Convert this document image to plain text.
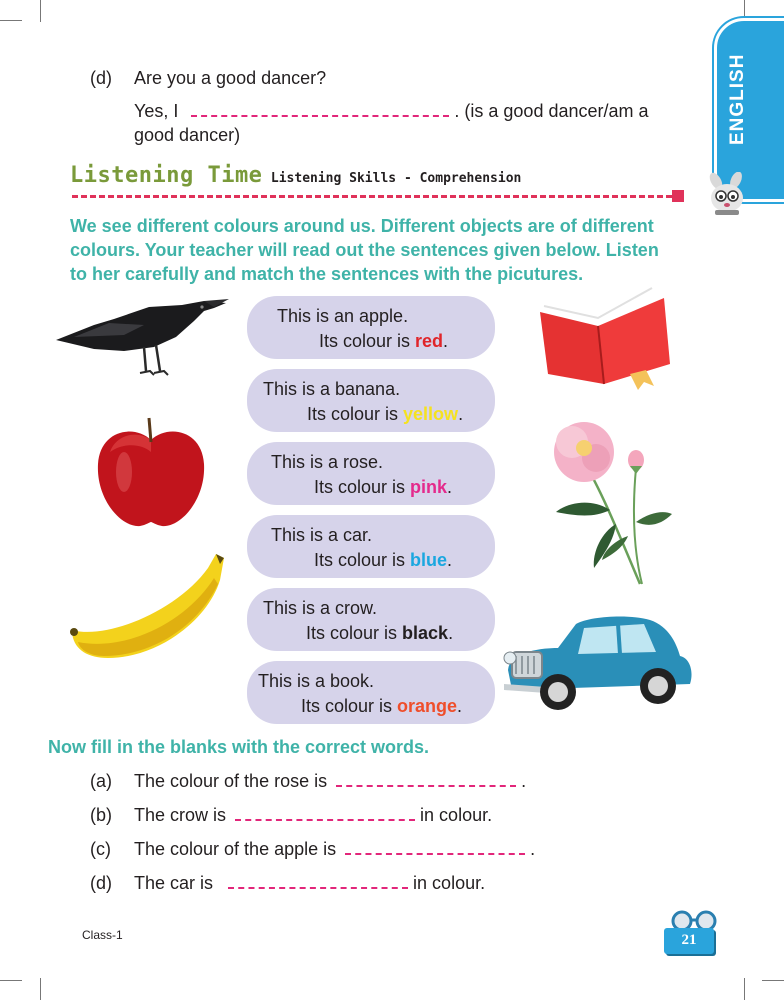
ENGLISH
(d) Are you a good dancer?
Yes, I	. (is a good dancer/am a
good dancer)
Listening Time Listening Skills - Comprehension
We see different colours around us. Different objects are of different
colours. Your teacher will read out the sentences given below. Listen
to her carefully and match the sentences with the picutures.
This is an apple.
Its colour is red.
This is a banana.
Its colour is yellow.
This is a rose.
Its colour is pink.
This is a car.
Its colour is blue.
This is a crow.
Its colour is black.
This is a book.
Its colour is orange.
Now fill in the blanks with the correct words.
(a) The colour of the rose is	.
(b) The crow is	in colour.
(c) The colour of the apple is	.
(d) The car is	in colour.
Class-1	21
